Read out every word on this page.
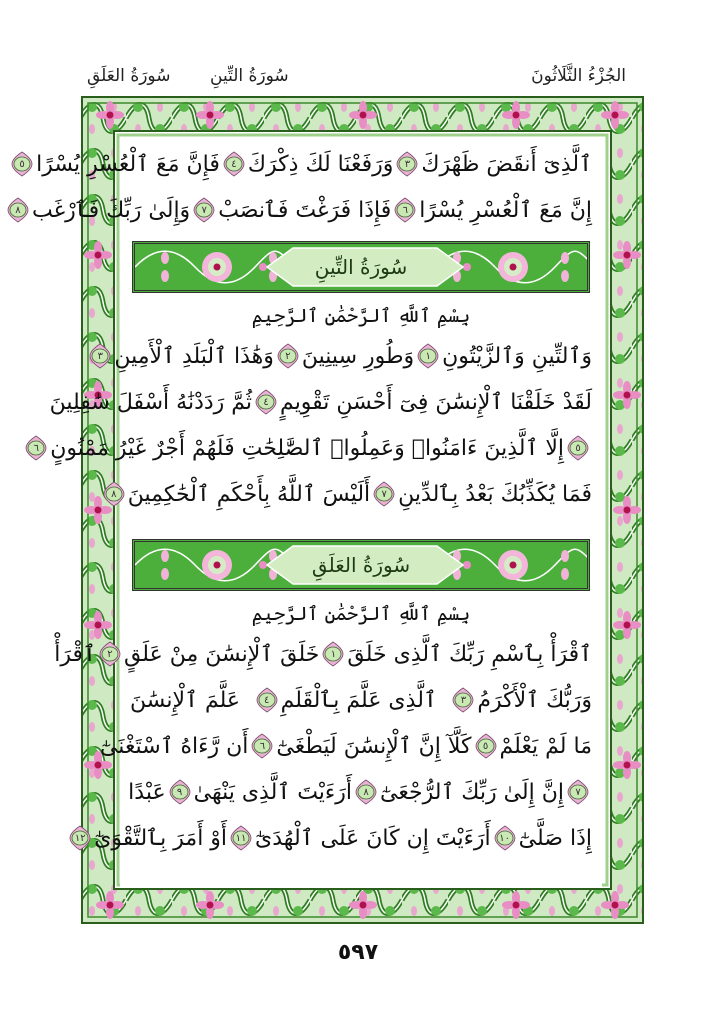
الجُزْءُ الثَّلَاثُونَ
سُورَةُ التِّينِ
سُورَةُ العَلَقِ
ٱلَّذِىٓ أَنقَضَ ظَهْرَكَ
٣
وَرَفَعْنَا لَكَ ذِكْرَكَ
٤
فَإِنَّ مَعَ ٱلْعُسْرِ يُسْرًا
٥
إِنَّ مَعَ ٱلْعُسْرِ يُسْرًا
٦
فَإِذَا فَرَغْتَ فَٱنصَبْ
٧
وَإِلَىٰ رَبِّكَ فَٱرْغَب
٨
سُورَةُ التِّينِ
بِسْمِ ٱللَّهِ ٱلرَّحْمَٰنِ ٱلرَّحِيمِ
وَٱلتِّينِ وَٱلزَّيْتُونِ
١
وَطُورِ سِينِينَ
٢
وَهَٰذَا ٱلْبَلَدِ ٱلْأَمِينِ
٣
لَقَدْ خَلَقْنَا ٱلْإِنسَٰنَ فِىٓ أَحْسَنِ تَقْوِيمٍ
٤
ثُمَّ رَدَدْنَٰهُ أَسْفَلَ سَٰفِلِينَ
٥
إِلَّا ٱلَّذِينَ ءَامَنُوا۟ وَعَمِلُوا۟ ٱلصَّٰلِحَٰتِ فَلَهُمْ أَجْرٌ غَيْرُ مَمْنُونٍ
٦
فَمَا يُكَذِّبُكَ بَعْدُ بِٱلدِّينِ
٧
أَلَيْسَ ٱللَّهُ بِأَحْكَمِ ٱلْحَٰكِمِينَ
٨
سُورَةُ العَلَقِ
بِسْمِ ٱللَّهِ ٱلرَّحْمَٰنِ ٱلرَّحِيمِ
ٱقْرَأْ بِٱسْمِ رَبِّكَ ٱلَّذِى خَلَقَ
١
خَلَقَ ٱلْإِنسَٰنَ مِنْ عَلَقٍ
٢
ٱقْرَأْ
وَرَبُّكَ ٱلْأَكْرَمُ
٣
ٱلَّذِى عَلَّمَ بِٱلْقَلَمِ
٤
عَلَّمَ ٱلْإِنسَٰنَ
مَا لَمْ يَعْلَمْ
٥
كَلَّآ إِنَّ ٱلْإِنسَٰنَ لَيَطْغَىٰٓ
٦
أَن رَّءَاهُ ٱسْتَغْنَىٰٓ
٧
إِنَّ إِلَىٰ رَبِّكَ ٱلرُّجْعَىٰٓ
٨
أَرَءَيْتَ ٱلَّذِى يَنْهَىٰ
٩
عَبْدًا
إِذَا صَلَّىٰٓ
١٠
أَرَءَيْتَ إِن كَانَ عَلَى ٱلْهُدَىٰٓ
١١
أَوْ أَمَرَ بِٱلتَّقْوَىٰٓ
١٢
٥٩٧
